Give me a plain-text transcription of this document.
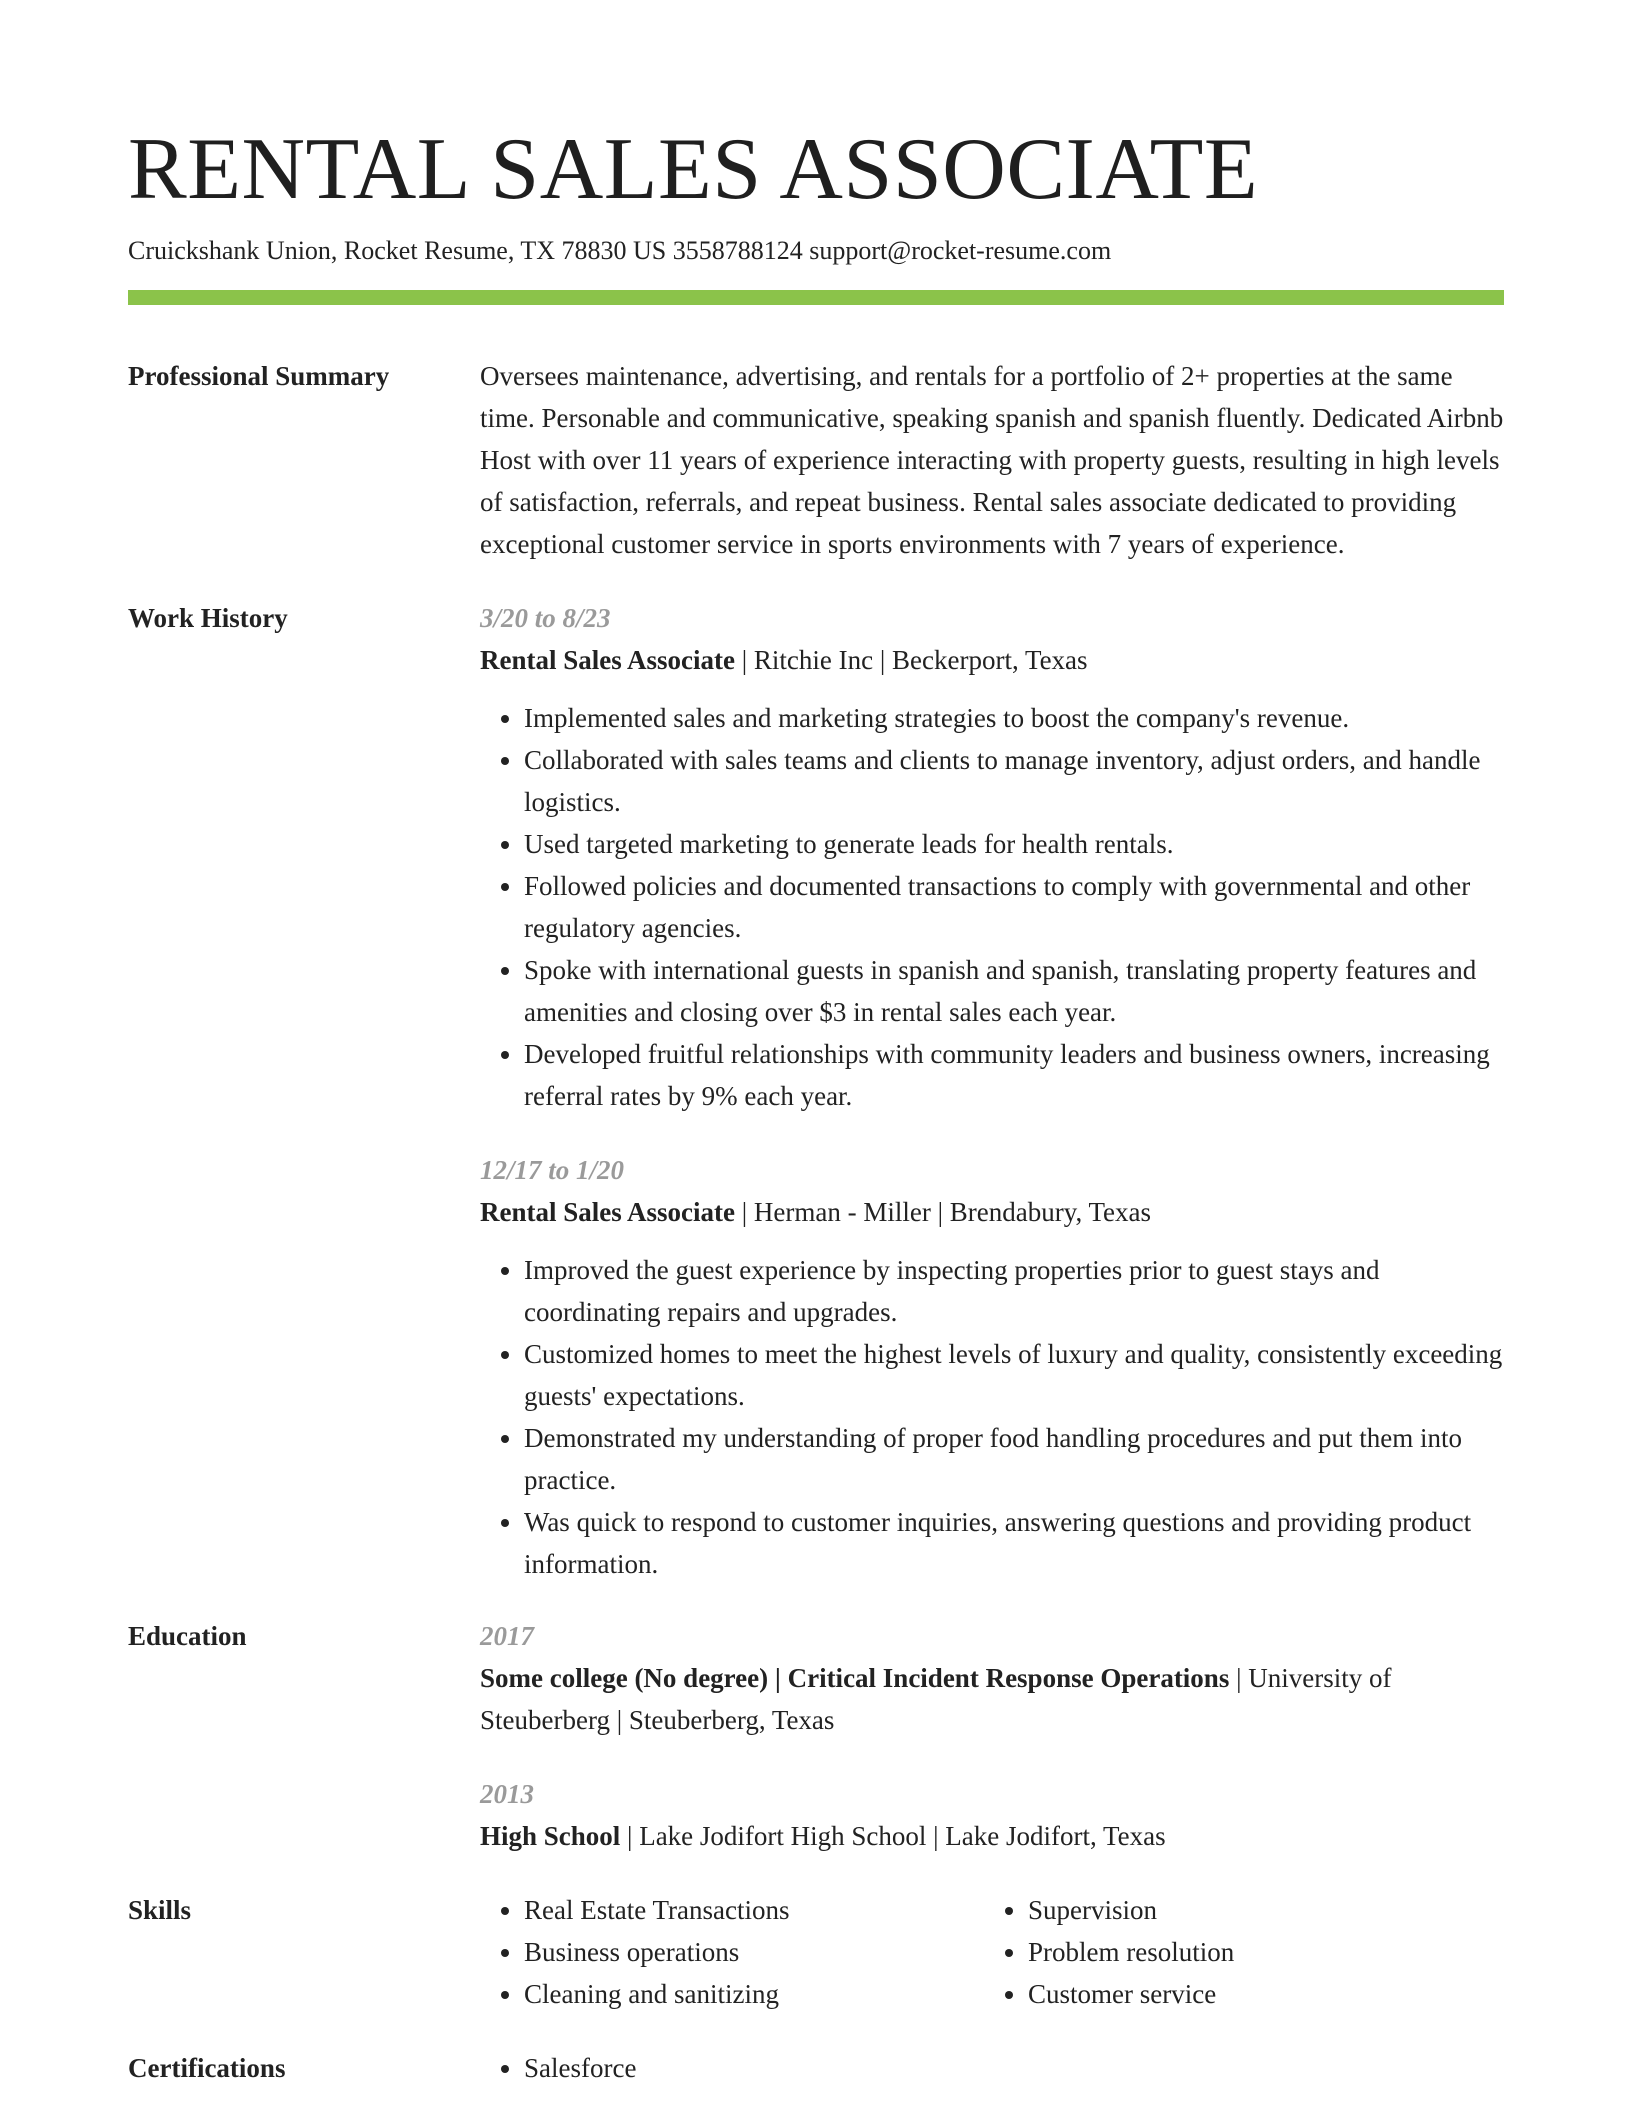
RENTAL SALES ASSOCIATE
Cruickshank Union, Rocket Resume, TX 78830 US 3558788124 support@rocket-resume.com
Professional Summary	Oversees maintenance, advertising, and rentals for a portfolio of 2+ properties at the same time. Personable and communicative, speaking spanish and spanish fluently. Dedicated Airbnb Host with over 11 years of experience interacting with property guests, resulting in high levels of satisfaction, referrals, and repeat business. Rental sales associate dedicated to providing exceptional customer service in sports environments with 7 years of experience.

Work History	3/20 to 8/23
Rental Sales Associate | Ritchie Inc | Beckerport, Texas
• Implemented sales and marketing strategies to boost the company's revenue.
• Collaborated with sales teams and clients to manage inventory, adjust orders, and handle logistics.
• Used targeted marketing to generate leads for health rentals.
• Followed policies and documented transactions to comply with governmental and other regulatory agencies.
• Spoke with international guests in spanish and spanish, translating property features and amenities and closing over $3 in rental sales each year.
• Developed fruitful relationships with community leaders and business owners, increasing referral rates by 9% each year.
12/17 to 1/20
Rental Sales Associate | Herman - Miller | Brendabury, Texas
• Improved the guest experience by inspecting properties prior to guest stays and coordinating repairs and upgrades.
• Customized homes to meet the highest levels of luxury and quality, consistently exceeding guests' expectations.
• Demonstrated my understanding of proper food handling procedures and put them into practice.
• Was quick to respond to customer inquiries, answering questions and providing product information.
Education	2017
Some college (No degree) | Critical Incident Response Operations | University of Steuberberg | Steuberberg, Texas
2013
High School | Lake Jodifort High School | Lake Jodifort, Texas
Skills	• Real Estate Transactions
• Business operations
• Cleaning and sanitizing
• Supervision
• Problem resolution
• Customer service
Certifications	• Salesforce
